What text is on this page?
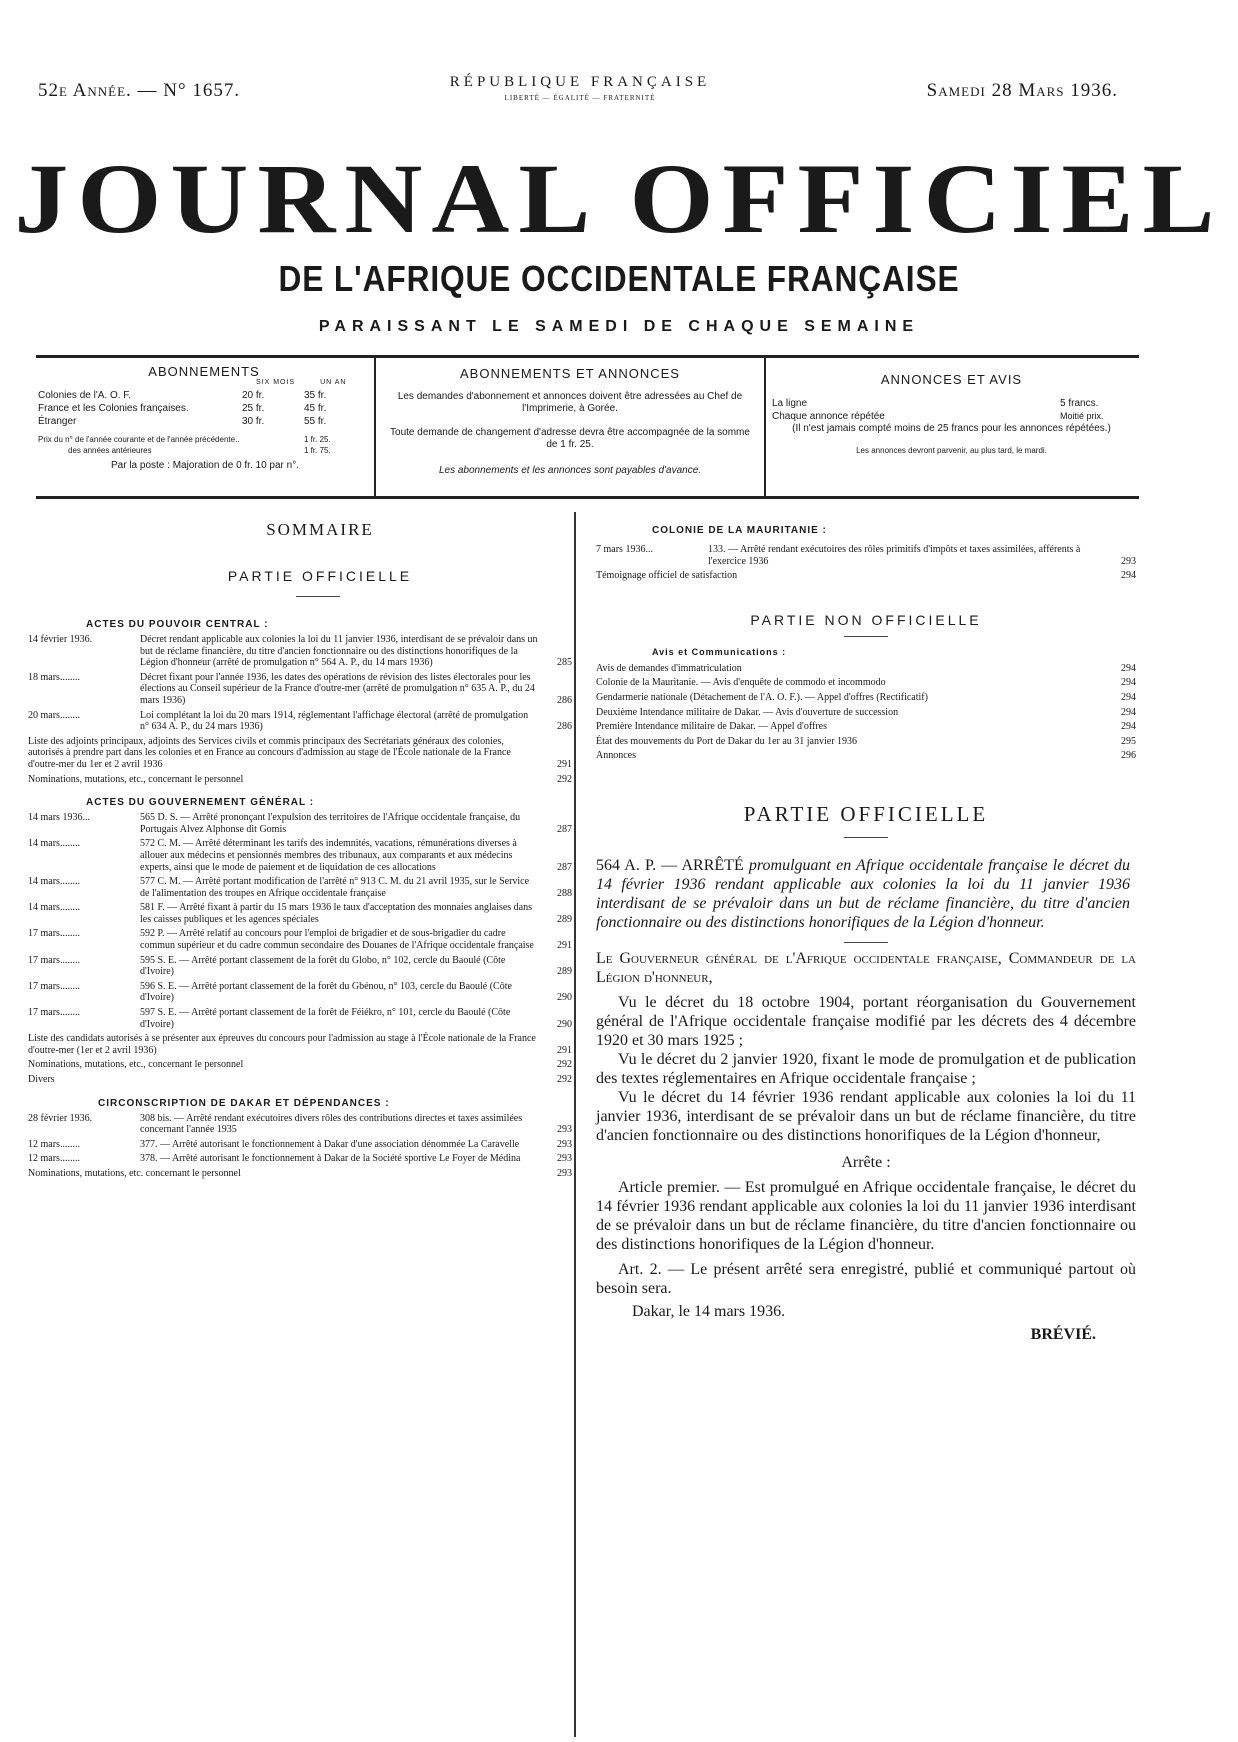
52e Année. — N° 1657.	RÉPUBLIQUE FRANÇAISE
LIBERTÉ — ÉGALITÉ — FRATERNITÉ	Samedi 28 Mars 1936.
JOURNAL OFFICIEL
DE L'AFRIQUE OCCIDENTALE FRANÇAISE
PARAISSANT LE SAMEDI DE CHAQUE SEMAINE
ABONNEMENTS
SIX MOIS	UN AN
Colonies de l'A. O. F.	20 fr.	35 fr.
France et les Colonies françaises.	25 fr.	45 fr.
Étranger	30 fr.	55 fr.
Prix du n° de l'année courante et de l'année précédente..	1 fr. 25.
des années antérieures	1 fr. 75.
Par la poste : Majoration de 0 fr. 10 par n°.
ABONNEMENTS ET ANNONCES
Les demandes d'abonnement et annonces doivent être adressées au Chef de l'Imprimerie, à Gorée.
Toute demande de changement d'adresse devra être accompagnée de la somme de 1 fr. 25.
Les abonnements et les annonces sont payables d'avance.
ANNONCES ET AVIS
La ligne	5 francs.
Chaque annonce répétée	Moitié prix.
(Il n'est jamais compté moins de 25 francs pour les annonces répétées.)
Les annonces devront parvenir, au plus tard, le mardi.
SOMMAIRE
PARTIE OFFICIELLE
ACTES DU POUVOIR CENTRAL :
14 février 1936.	Décret rendant applicable aux colonies la loi du 11 janvier 1936, interdisant de se prévaloir dans un but de réclame financière, du titre d'ancien fonctionnaire ou des distinctions honorifiques de la Légion d'honneur (arrêté de promulgation n° 564 A. P., du 14 mars 1936)	285
18 mars........	Décret fixant pour l'année 1936, les dates des opérations de révision des listes électorales pour les élections au Conseil supérieur de la France d'outre-mer (arrêté de promulgation n° 635 A. P., du 24 mars 1936)	286
20 mars........	Loi complétant la loi du 20 mars 1914, réglementant l'affichage électoral (arrêté de promulgation n° 634 A. P., du 24 mars 1936)	286
Liste des adjoints principaux, adjoints des Services civils et commis principaux des Secrétariats généraux des colonies, autorisés à prendre part dans les colonies et en France au concours d'admission au stage de l'École nationale de la France d'outre-mer du 1er et 2 avril 1936	291
Nominations, mutations, etc., concernant le personnel	292
ACTES DU GOUVERNEMENT GÉNÉRAL :
14 mars 1936...	565 D. S. — Arrêté prononçant l'expulsion des territoires de l'Afrique occidentale française, du Portugais Alvez Alphonse dit Gomis	287
14 mars........	572 C. M. — Arrêté déterminant les tarifs des indemnités, vacations, rémunérations diverses à allouer aux médecins et pensionnés membres des tribunaux, aux comparants et aux médecins experts, ainsi que le mode de paiement et de liquidation de ces allocations	287
14 mars........	577 C. M. — Arrêté portant modification de l'arrêté n° 913 C. M. du 21 avril 1935, sur le Service de l'alimentation des troupes en Afrique occidentale française	288
14 mars........	581 F. — Arrêté fixant à partir du 15 mars 1936 le taux d'acceptation des monnaies anglaises dans les caisses publiques et les agences spéciales	289
17 mars........	592 P. — Arrêté relatif au concours pour l'emploi de brigadier et de sous-brigadier du cadre commun supérieur et du cadre commun secondaire des Douanes de l'Afrique occidentale française	291
17 mars........	595 S. E. — Arrêté portant classement de la forêt du Globo, n° 102, cercle du Baoulé (Côte d'Ivoire)	289
17 mars........	596 S. E. — Arrêté portant classement de la forêt du Gbénou, n° 103, cercle du Baoulé (Côte d'Ivoire)	290
17 mars........	597 S. E. — Arrêté portant classement de la forêt de Féiékro, n° 101, cercle du Baoulé (Côte d'Ivoire)	290
Liste des candidats autorisés à se présenter aux épreuves du concours pour l'admission au stage à l'École nationale de la France d'outre-mer (1er et 2 avril 1936)	291
Nominations, mutations, etc., concernant le personnel	292
Divers	292
CIRCONSCRIPTION DE DAKAR ET DÉPENDANCES :
28 février 1936.	308 bis. — Arrêté rendant exécutoires divers rôles des contributions directes et taxes assimilées concernant l'année 1935	293
12 mars........	377. — Arrêté autorisant le fonctionnement à Dakar d'une association dénommée La Caravelle	293
12 mars........	378. — Arrêté autorisant le fonctionnement à Dakar de la Société sportive Le Foyer de Médina	293
Nominations, mutations, etc. concernant le personnel	293
COLONIE DE LA MAURITANIE :
7 mars 1936...	133. — Arrêté rendant exécutoires des rôles primitifs d'impôts et taxes assimilées, afférents à l'exercice 1936	293
Témoignage officiel de satisfaction	294
PARTIE NON OFFICIELLE
Avis et Communications :
Avis de demandes d'immatriculation	294
Colonie de la Mauritanie. — Avis d'enquête de commodo et incommodo	294
Gendarmerie nationale (Détachement de l'A. O. F.). — Appel d'offres (Rectificatif)	294
Deuxième Intendance militaire de Dakar. — Avis d'ouverture de succession	294
Première Intendance militaire de Dakar. — Appel d'offres	294
État des mouvements du Port de Dakar du 1er au 31 janvier 1936	295
Annonces	296
PARTIE OFFICIELLE
564 A. P. — ARRÊTÉ promulguant en Afrique occidentale française le décret du 14 février 1936 rendant applicable aux colonies la loi du 11 janvier 1936 interdisant de se prévaloir dans un but de réclame financière, du titre d'ancien fonctionnaire ou des distinctions honorifiques de la Légion d'honneur.
Le Gouverneur général de l'Afrique occidentale française, Commandeur de la Légion d'honneur,
Vu le décret du 18 octobre 1904, portant réorganisation du Gouvernement général de l'Afrique occidentale française modifié par les décrets des 4 décembre 1920 et 30 mars 1925 ;
Vu le décret du 2 janvier 1920, fixant le mode de promulgation et de publication des textes réglementaires en Afrique occidentale française ;
Vu le décret du 14 février 1936 rendant applicable aux colonies la loi du 11 janvier 1936, interdisant de se prévaloir dans un but de réclame financière, du titre d'ancien fonctionnaire ou des distinctions honorifiques de la Légion d'honneur,
Arrête :
Article premier. — Est promulgué en Afrique occidentale française, le décret du 14 février 1936 rendant applicable aux colonies la loi du 11 janvier 1936 interdisant de se prévaloir dans un but de réclame financière, du titre d'ancien fonctionnaire ou des distinctions honorifiques de la Légion d'honneur.
Art. 2. — Le présent arrêté sera enregistré, publié et communiqué partout où besoin sera.
Dakar, le 14 mars 1936.
BRÉVIÉ.
